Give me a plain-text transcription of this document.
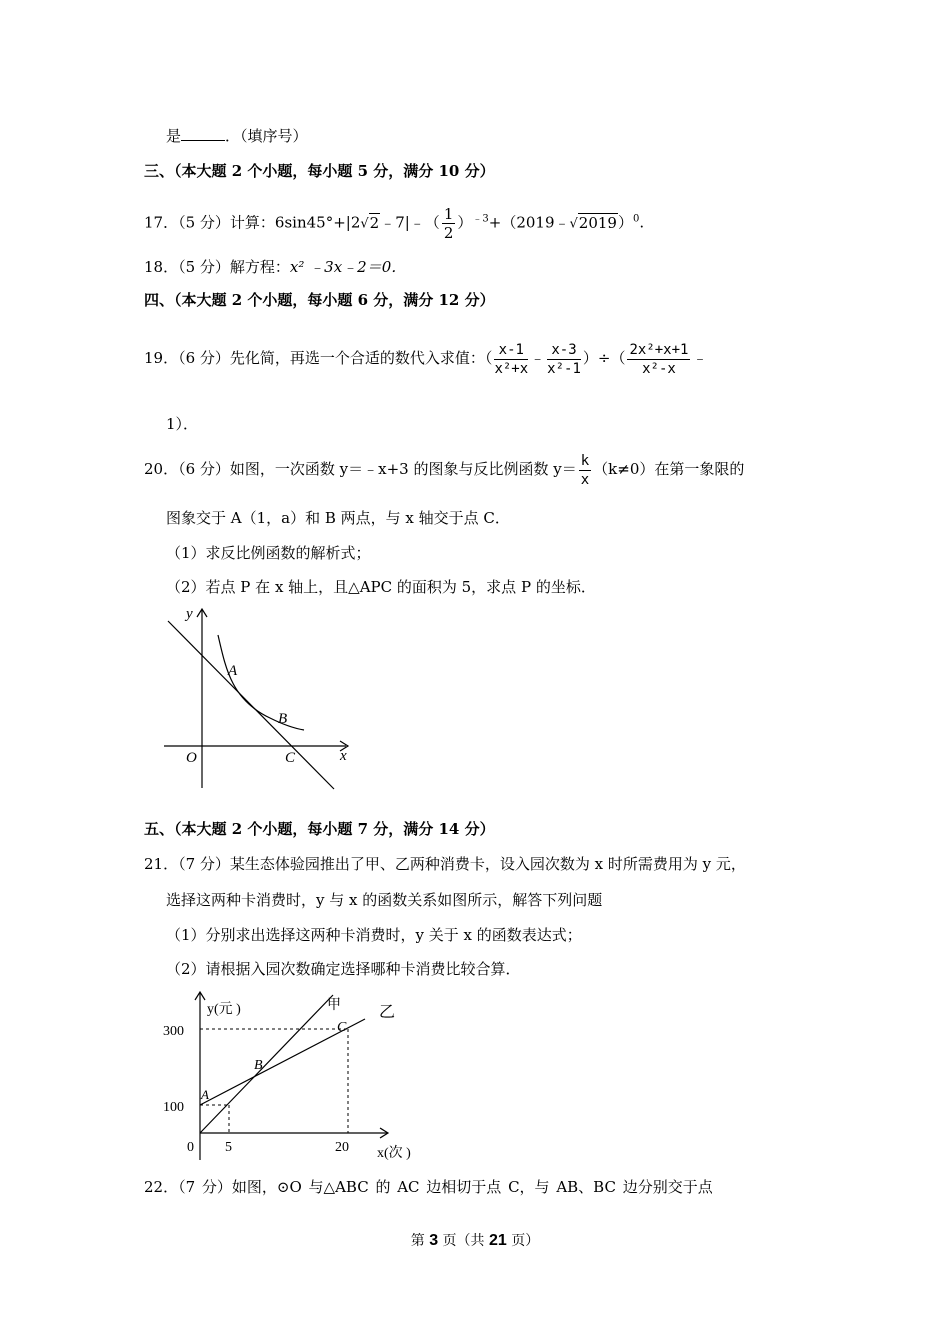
是	．（填序号）
三、（本大题 2 个小题，每小题 5 分，满分 10 分）
17．（5 分）计算：6sin45°+|2√2﹣7|﹣（ $\frac{1}{2}$ ）$^{﹣3}$+（2019﹣√2019）$^0$.
18．（5 分）解方程：x² ﹣3x﹣2＝0．
四、（本大题 2 个小题，每小题 6 分，满分 12 分）
19．（6 分）先化简，再选一个合适的数代入求值：（ $\frac{x-1}{\text{x²+x}}$ ﹣ $\frac{x-3}{\text{x²-1}}$ ）÷（ $\frac{\text{2x²+x+1}}{\text{x²-x}}$ ﹣
1）．
20．（6 分）如图，一次函数 y＝﹣x+3 的图象与反比例函数 $y= \frac{k}{x} (k\ne 0)$在第一象限的
图象交于 A（1，a）和 B 两点，与 x 轴交于点 C．
（1）求反比例函数的解析式；
（2）若点 P 在 x 轴上，且△APC 的面积为 5，求点 P 的坐标．
y
x
O
A
B
C
五、（本大题 2 个小题，每小题 7 分，满分 14 分）
21．（7 分）某生态体验园推出了甲、乙两种消费卡，设入园次数为 x 时所需费用为 y 元，
选择这两种卡消费时，y 与 x 的函数关系如图所示，解答下列问题
（1）分别求出选择这两种卡消费时，y 关于 x 的函数表达式；
（2）请根据入园次数确定选择哪种卡消费比较合算．
y(元 )
x(次 )
甲 乙
300
100
0 5	20
A
B
C
22．（7 分）如图，⊙O 与△ABC 的 AC 边相切于点 C，与 AB、BC 边分别交于点
第 3 页（共 21 页）
